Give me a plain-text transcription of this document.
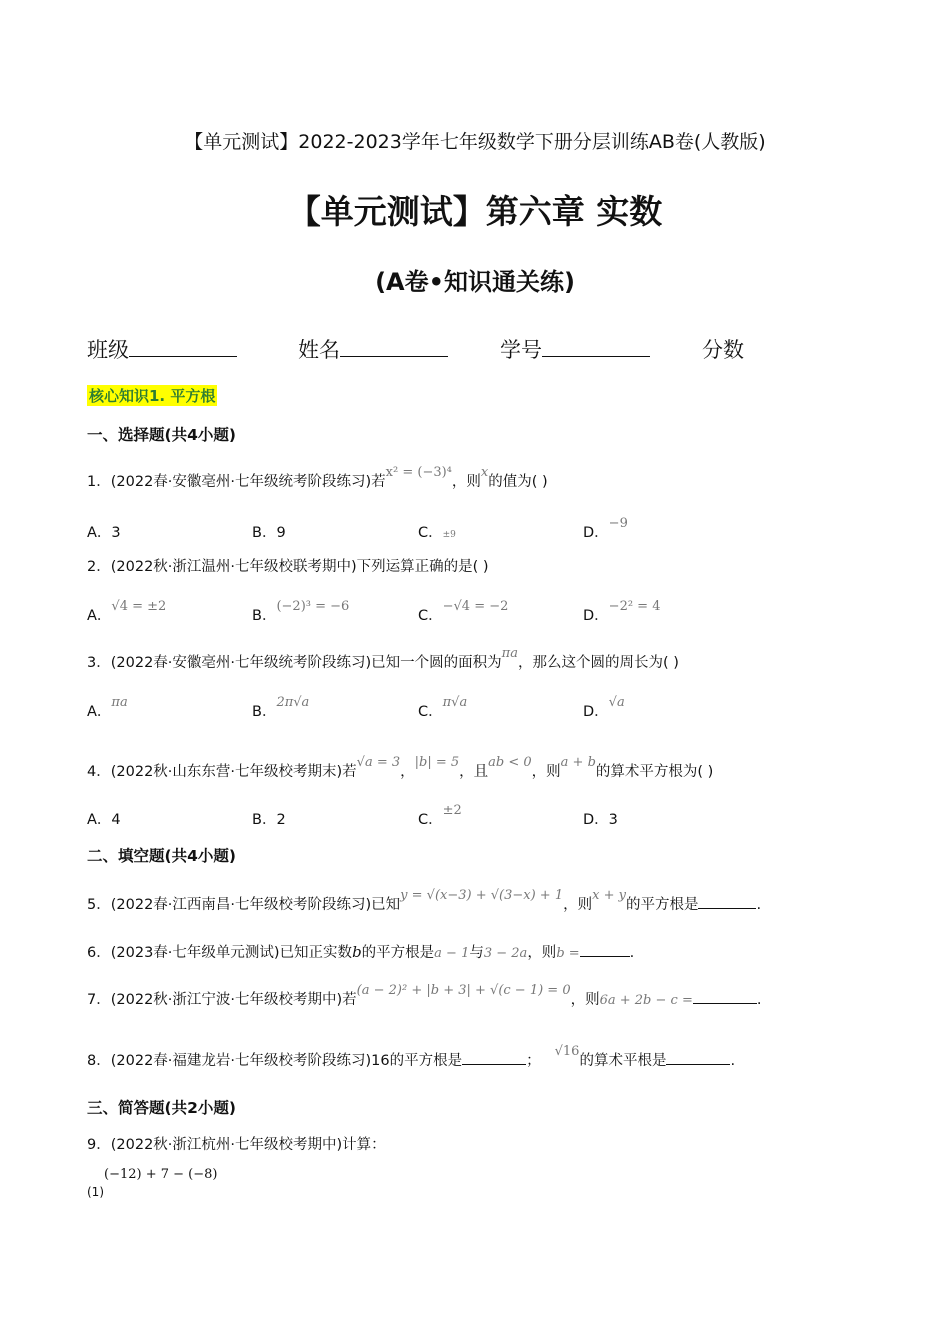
【单元测试】2022-2023学年七年级数学下册分层训练AB卷(人教版)
【单元测试】第六章 实数
(A卷•知识通关练)
班级	姓名	学号	分数
核心知识1. 平方根
一、选择题(共4小题)
1．(2022春·安徽亳州·七年级统考阶段练习)若x² = (−3)⁴，则x的值为( )
A．3	B．9	C．±9	D．−9
2．(2022秋·浙江温州·七年级校联考期中)下列运算正确的是( )
A．√4 = ±2
B．(−2)³ = −6
C．−√4 = −2
D．−2² = 4
3．(2022春·安徽亳州·七年级统考阶段练习)已知一个圆的面积为πa，那么这个圆的周长为( )
A．πa
B．2π√a
C．π√a
D．√a
4．(2022秋·山东东营·七年级校考期末)若√a = 3，|b| = 5，且ab < 0，则a + b的算术平方根为( )
A．4	B．2	C．±2
D．3
二、填空题(共4小题)
5．(2022春·江西南昌·七年级校考阶段练习)已知y = √(x−3) + √(3−x) + 1，则x + y的平方根是	.
6．(2023春·七年级单元测试)已知正实数b的平方根是a − 1与3 − 2a，则b =	.
7．(2022秋·浙江宁波·七年级校考期中)若(a − 2)² + |b + 3| + √(c − 1) = 0，则6a + 2b − c =	.
8．(2022春·福建龙岩·七年级校考阶段练习)16的平方根是	；√16的算术平根是	.
三、简答题(共2小题)
9．(2022秋·浙江杭州·七年级校考期中)计算：
(1)(−12) + 7 − (−8)
